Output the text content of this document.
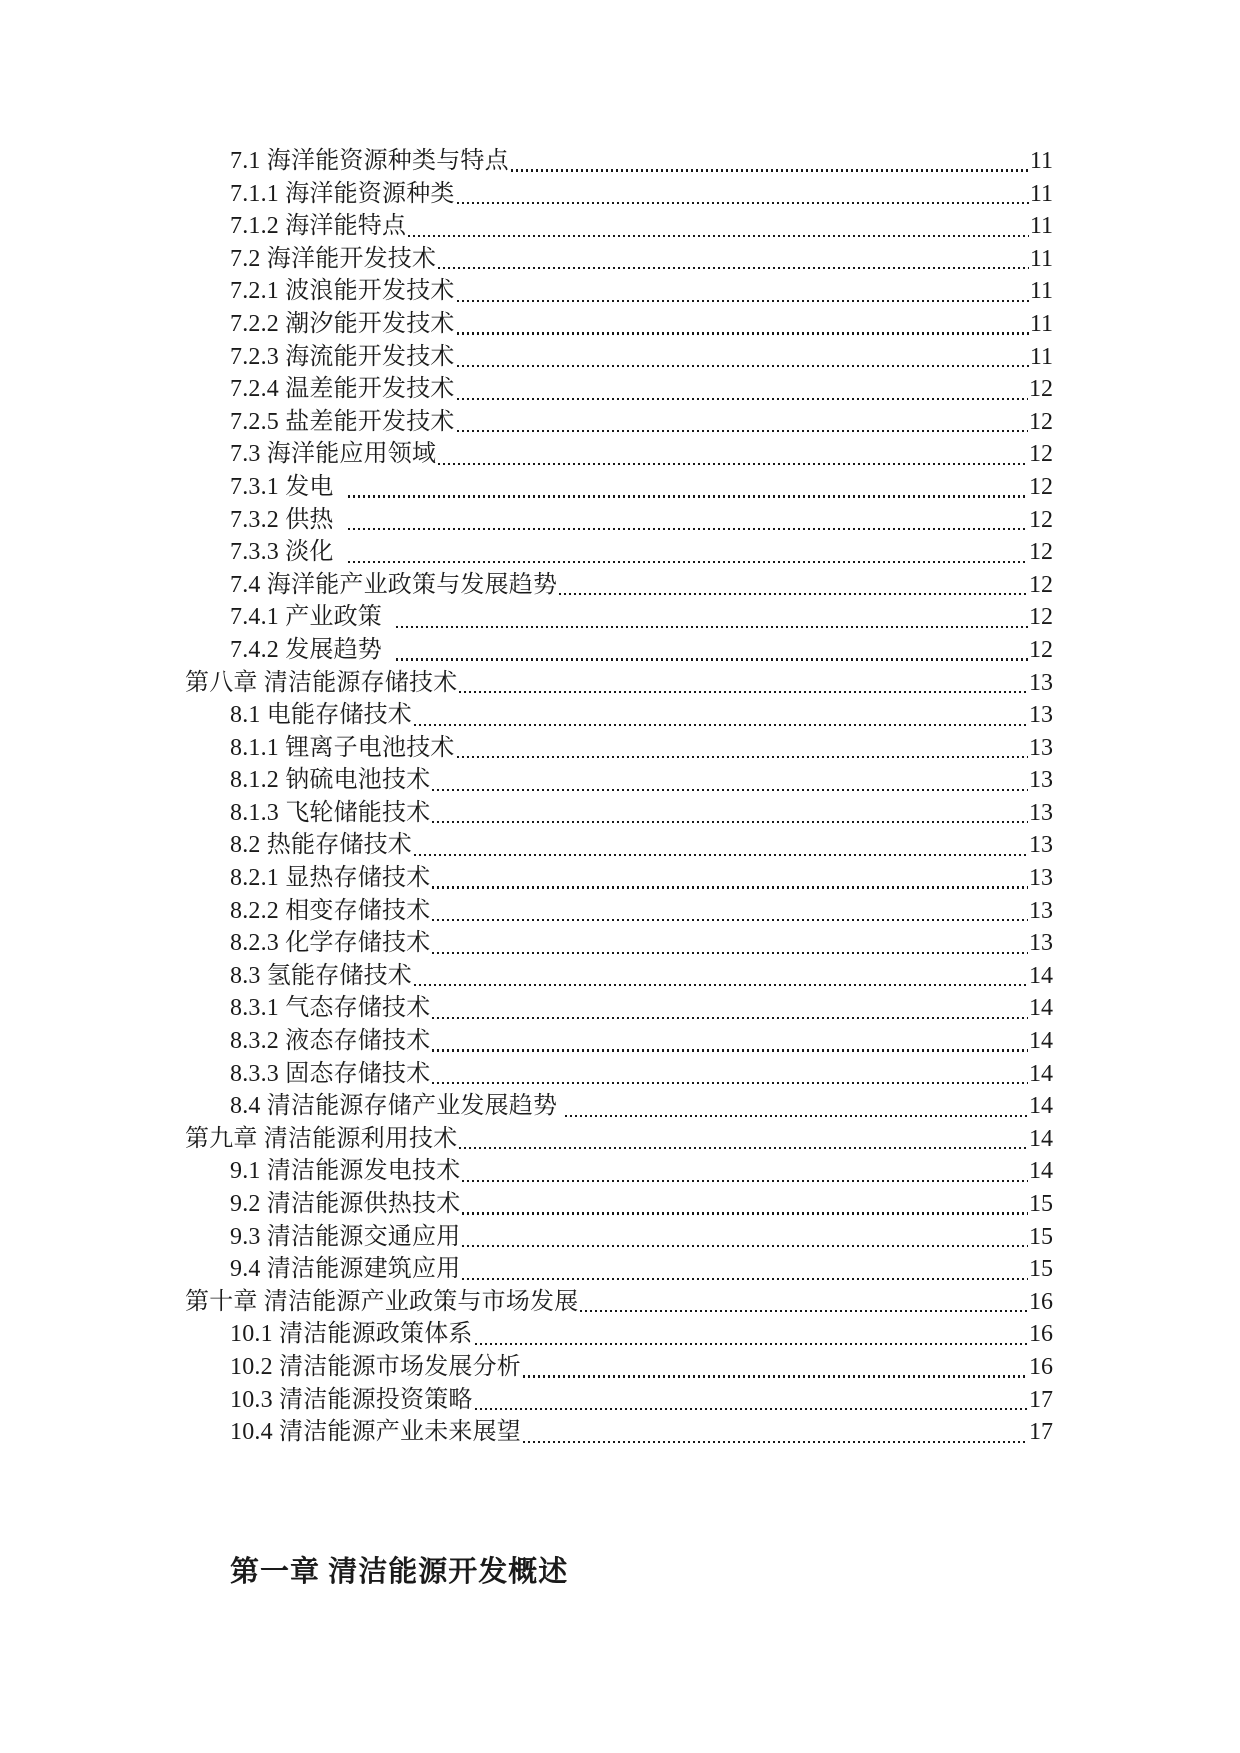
7.1 海洋能资源种类与特点	11
7.1.1 海洋能资源种类	11
7.1.2 海洋能特点	11
7.2 海洋能开发技术	11
7.2.1 波浪能开发技术	11
7.2.2 潮汐能开发技术	11
7.2.3 海流能开发技术	11
7.2.4 温差能开发技术	12
7.2.5 盐差能开发技术	12
7.3 海洋能应用领域	12
7.3.1 发电	12
7.3.2 供热	12
7.3.3 淡化	12
7.4 海洋能产业政策与发展趋势	12
7.4.1 产业政策	12
7.4.2 发展趋势	12
第八章 清洁能源存储技术	13
8.1 电能存储技术	13
8.1.1 锂离子电池技术	13
8.1.2 钠硫电池技术	13
8.1.3 飞轮储能技术	13
8.2 热能存储技术	13
8.2.1 显热存储技术	13
8.2.2 相变存储技术	13
8.2.3 化学存储技术	13
8.3 氢能存储技术	14
8.3.1 气态存储技术	14
8.3.2 液态存储技术	14
8.3.3 固态存储技术	14
8.4 清洁能源存储产业发展趋势	14
第九章 清洁能源利用技术	14
9.1 清洁能源发电技术	14
9.2 清洁能源供热技术	15
9.3 清洁能源交通应用	15
9.4 清洁能源建筑应用	15
第十章 清洁能源产业政策与市场发展	16
10.1 清洁能源政策体系	16
10.2 清洁能源市场发展分析	16
10.3 清洁能源投资策略	17
10.4 清洁能源产业未来展望	17
第一章 清洁能源开发概述
